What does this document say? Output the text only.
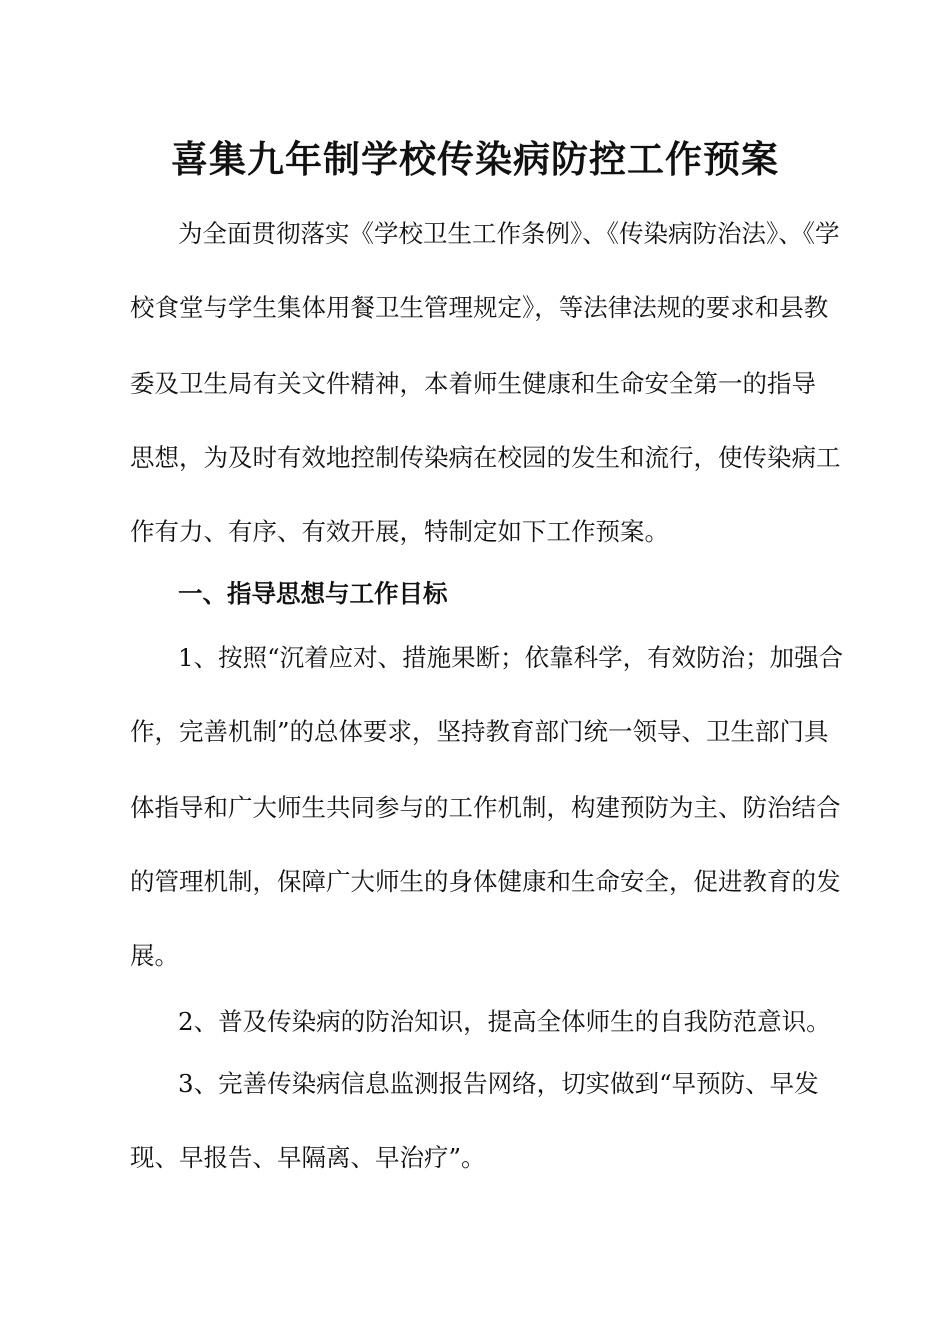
喜集九年制学校传染病防控工作预案
为全面贯彻落实《学校卫生工作条例》、《传染病防治法》、《学
校食堂与学生集体用餐卫生管理规定》，等法律法规的要求和县教
委及卫生局有关文件精神，本着师生健康和生命安全第一的指导
思想，为及时有效地控制传染病在校园的发生和流行，使传染病工
作有力、有序、有效开展，特制定如下工作预案。
一、指导思想与工作目标
1、按照“沉着应对、措施果断；依靠科学，有效防治；加强合
作，完善机制”的总体要求，坚持教育部门统一领导、卫生部门具
体指导和广大师生共同参与的工作机制，构建预防为主、防治结合
的管理机制，保障广大师生的身体健康和生命安全，促进教育的发
展。
2、普及传染病的防治知识，提高全体师生的自我防范意识。
3、完善传染病信息监测报告网络，切实做到“早预防、早发
现、早报告、早隔离、早治疗”。
